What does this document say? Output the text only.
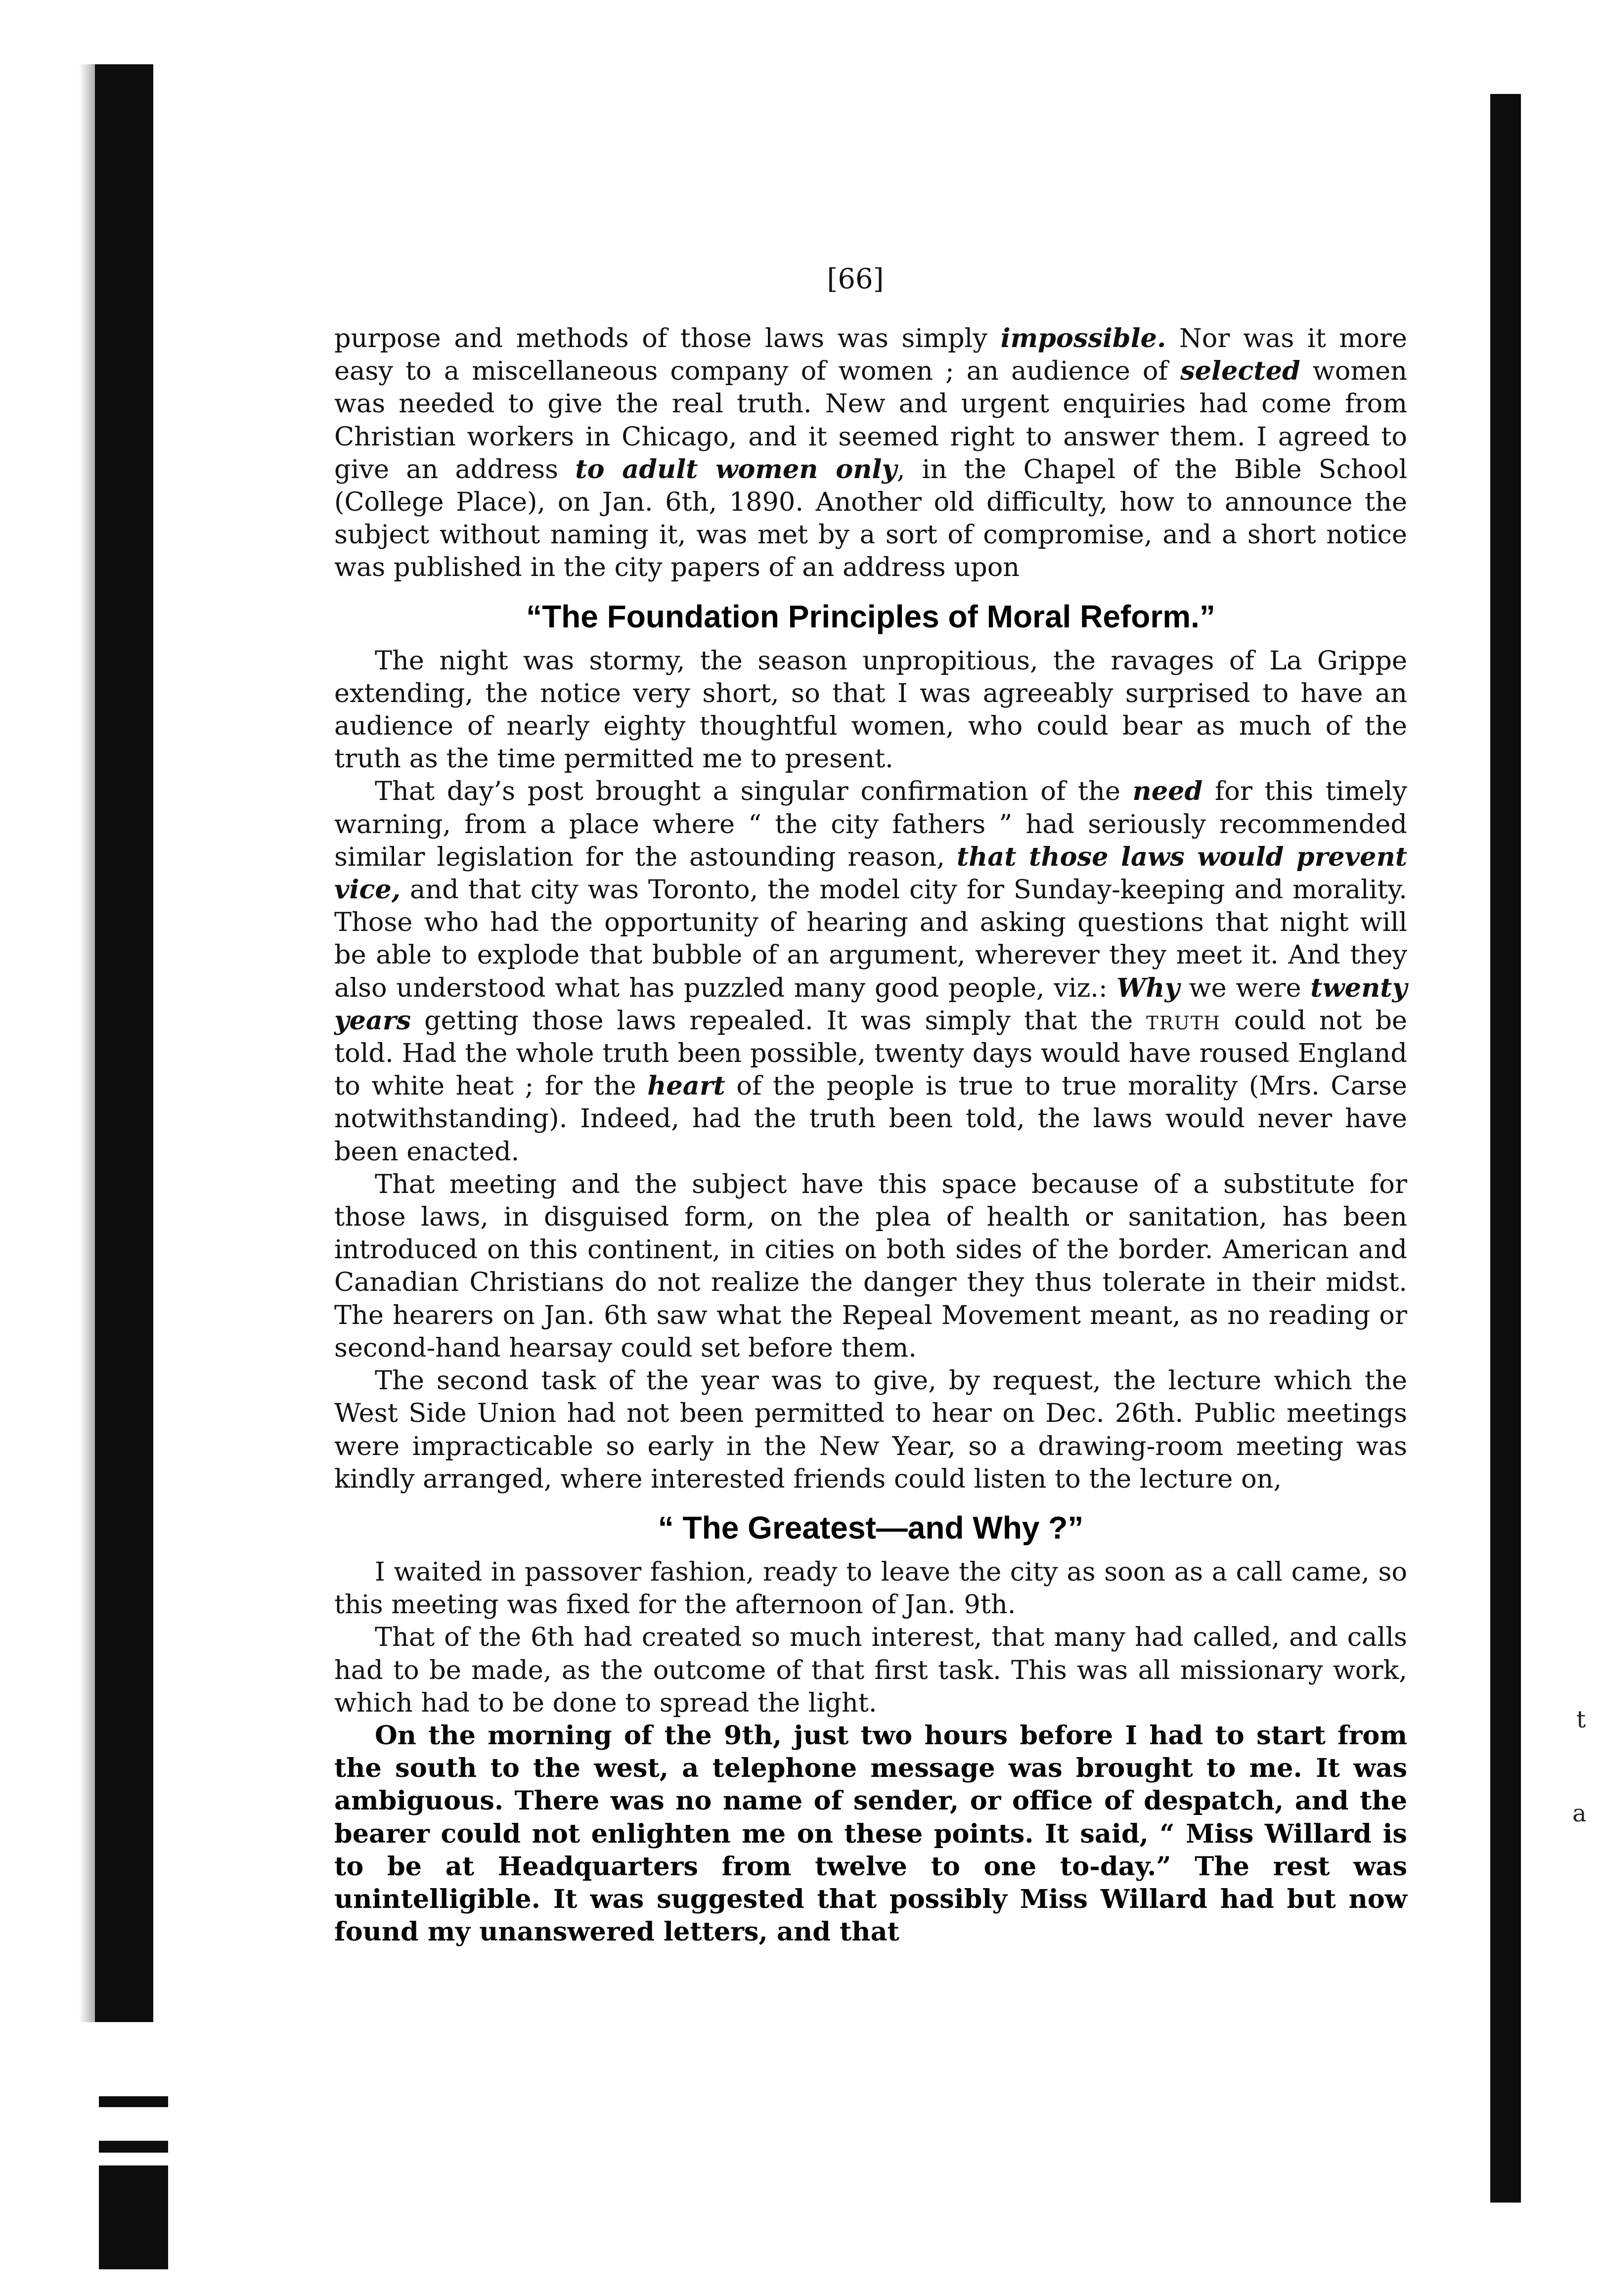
t
a
[66]

purpose and methods of those laws was simply impossible. Nor was it more easy to a miscellaneous company of women ; an audience of selected women was needed to give the real truth. New and urgent enquiries had come from Christian workers in Chicago, and it seemed right to answer them. I agreed to give an address to adult women only, in the Chapel of the Bible School (College Place), on Jan. 6th, 1890. Another old difficulty, how to announce the subject without naming it, was met by a sort of compromise, and a short notice was published in the city papers of an address upon

“The Foundation Principles of Moral Reform.”

The night was stormy, the season unpropitious, the ravages of La Grippe extending, the notice very short, so that I was agreeably surprised to have an audience of nearly eighty thoughtful women, who could bear as much of the truth as the time permitted me to present.

That day’s post brought a singular confirmation of the need for this timely warning, from a place where “ the city fathers ” had seriously recommended similar legislation for the astounding reason, that those laws would prevent vice, and that city was Toronto, the model city for Sunday-keeping and morality. Those who had the opportunity of hearing and asking questions that night will be able to explode that bubble of an argument, wherever they meet it. And they also understood what has puzzled many good people, viz.: Why we were twenty years getting those laws repealed. It was simply that the truth could not be told. Had the whole truth been possible, twenty days would have roused England to white heat ; for the heart of the people is true to true morality (Mrs. Carse notwithstanding). Indeed, had the truth been told, the laws would never have been enacted.

That meeting and the subject have this space because of a substitute for those laws, in disguised form, on the plea of health or sanitation, has been introduced on this continent, in cities on both sides of the border. American and Canadian Christians do not realize the danger they thus tolerate in their midst. The hearers on Jan. 6th saw what the Repeal Movement meant, as no reading or second-hand hearsay could set before them.

The second task of the year was to give, by request, the lecture which the West Side Union had not been permitted to hear on Dec. 26th. Public meetings were impracticable so early in the New Year, so a drawing-room meeting was kindly arranged, where interested friends could listen to the lecture on,

“ The Greatest—and Why ?”

I waited in passover fashion, ready to leave the city as soon as a call came, so this meeting was fixed for the afternoon of Jan. 9th.

That of the 6th had created so much interest, that many had called, and calls had to be made, as the outcome of that first task. This was all missionary work, which had to be done to spread the light.

On the morning of the 9th, just two hours before I had to start from the south to the west, a telephone message was brought to me. It was ambiguous. There was no name of sender, or office of despatch, and the bearer could not enlighten me on these points. It said, “ Miss Willard is to be at Headquarters from twelve to one to-day.” The rest was unintelligible. It was suggested that possibly Miss Willard had but now found my unanswered letters, and that
